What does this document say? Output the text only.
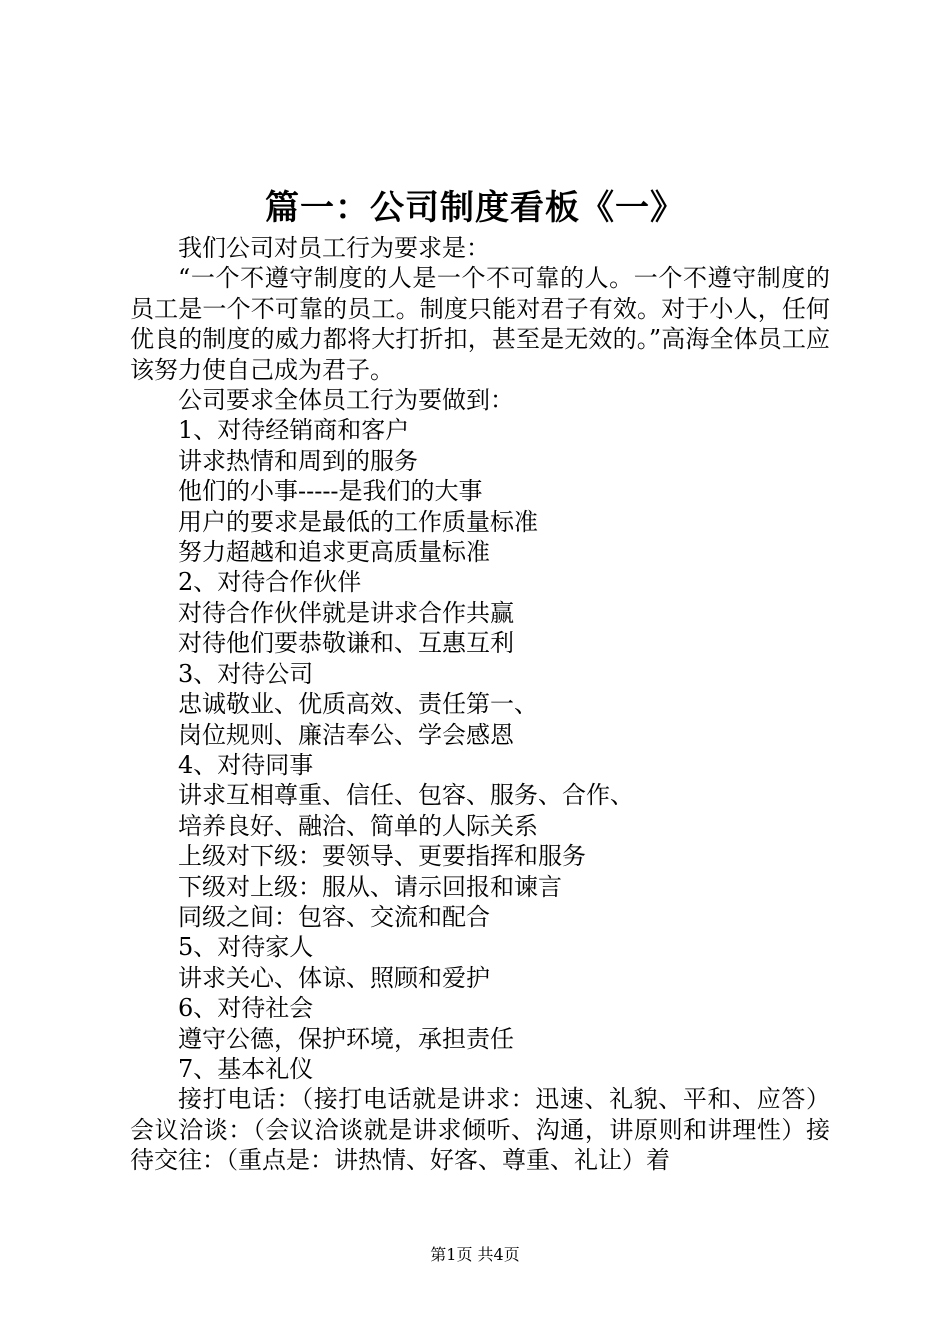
篇一：公司制度看板《一》

我们公司对员工行为要求是：

“一个不遵守制度的人是一个不可靠的人。一个不遵守制度的员工是一个不可靠的员工。制度只能对君子有效。对于小人，任何优良的制度的威力都将大打折扣，甚至是无效的。”高海全体员工应该努力使自己成为君子。

公司要求全体员工行为要做到：

1、对待经销商和客户

讲求热情和周到的服务

他们的小事-----是我们的大事

用户的要求是最低的工作质量标准

努力超越和追求更高质量标准

2、对待合作伙伴

对待合作伙伴就是讲求合作共赢

对待他们要恭敬谦和、互惠互利

3、对待公司

忠诚敬业、优质高效、责任第一、

岗位规则、廉洁奉公、学会感恩

4、对待同事

讲求互相尊重、信任、包容、服务、合作、

培养良好、融洽、简单的人际关系

上级对下级：要领导、更要指挥和服务

下级对上级：服从、请示回报和谏言

同级之间：包容、交流和配合

5、对待家人

讲求关心、体谅、照顾和爱护

6、对待社会

遵守公德，保护环境，承担责任

7、基本礼仪

接打电话：（接打电话就是讲求：迅速、礼貌、平和、应答）会议洽谈：（会议洽谈就是讲求倾听、沟通，讲原则和讲理性）接待交往：（重点是：讲热情、好客、尊重、礼让）着

第1页 共4页
